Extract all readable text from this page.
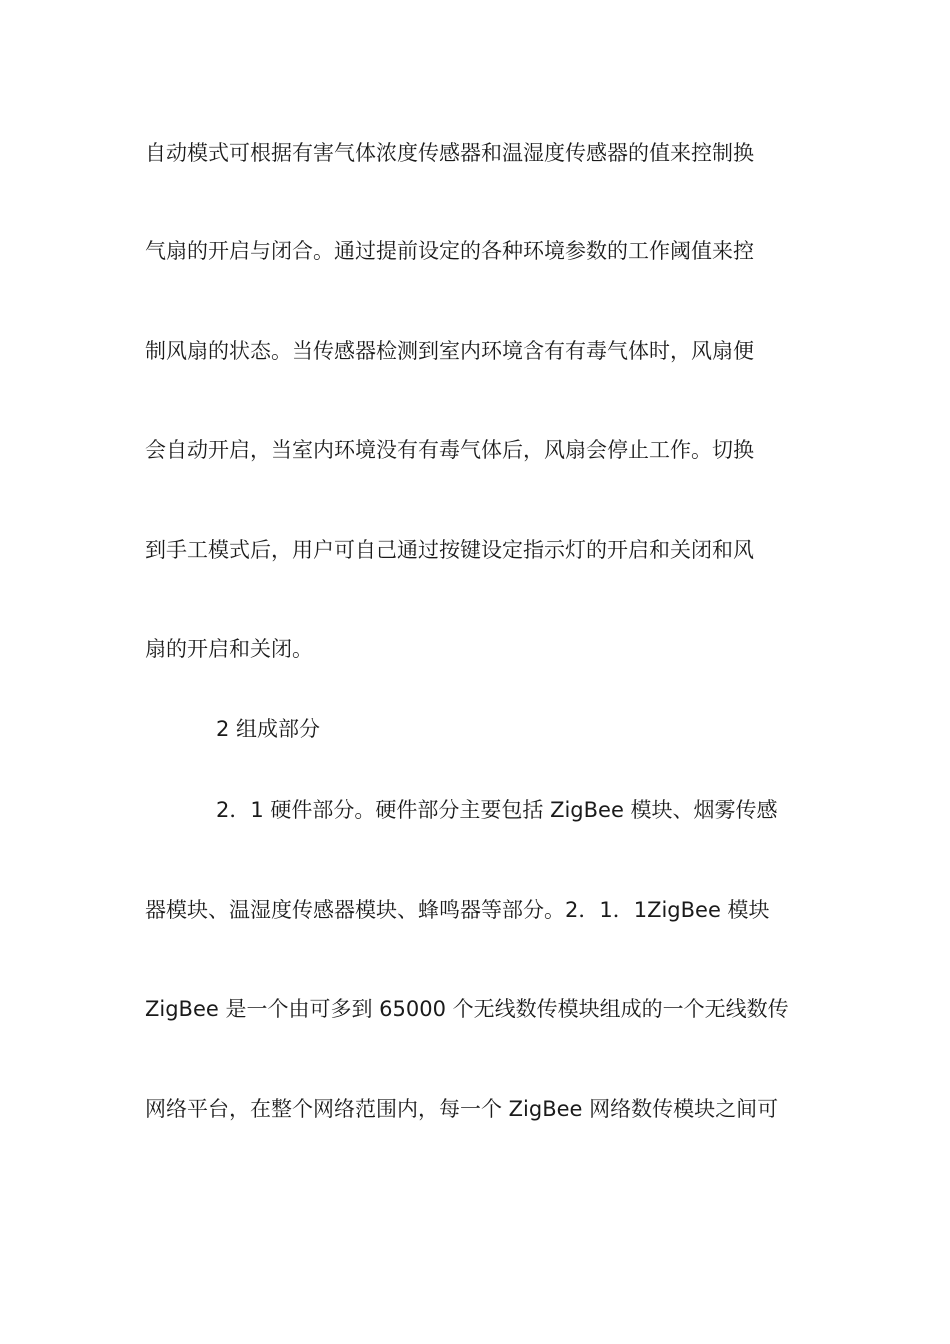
自动模式可根据有害气体浓度传感器和温湿度传感器的值来控制换
气扇的开启与闭合。通过提前设定的各种环境参数的工作阈值来控
制风扇的状态。当传感器检测到室内环境含有有毒气体时，风扇便
会自动开启，当室内环境没有有毒气体后，风扇会停止工作。切换
到手工模式后，用户可自己通过按键设定指示灯的开启和关闭和风
扇的开启和关闭。
2 组成部分
2．1 硬件部分。硬件部分主要包括 ZigBee 模块、烟雾传感
器模块、温湿度传感器模块、蜂鸣器等部分。2．1．1ZigBee 模块
ZigBee 是一个由可多到 65000 个无线数传模块组成的一个无线数传
网络平台，在整个网络范围内，每一个 ZigBee 网络数传模块之间可
